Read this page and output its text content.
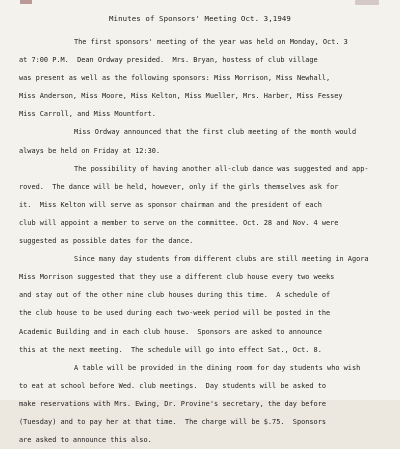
Minutes of Sponsors' Meeting Oct. 3,1949
The first sponsors' meeting of the year was held on Monday, Oct. 3
at 7:00 P.M.  Dean Ordway presided.  Mrs. Bryan, hostess of club village
was present as well as the following sponsors: Miss Morrison, Miss Newhall,
Miss Anderson, Miss Moore, Miss Kelton, Miss Mueller, Mrs. Harber, Miss Fessey
Miss Carroll, and Miss Mountfort.
Miss Ordway announced that the first club meeting of the month would
always be held on Friday at 12:30.
The possibility of having another all-club dance was suggested and app-
roved.  The dance will be held, however, only if the girls themselves ask for
it.  Miss Kelton will serve as sponsor chairman and the president of each
club will appoint a member to serve on the committee. Oct. 28 and Nov. 4 were
suggested as possible dates for the dance.
Since many day students from different clubs are still meeting in Agora
Miss Morrison suggested that they use a different club house every two weeks
and stay out of the other nine club houses during this time.  A schedule of
the club house to be used during each two-week period will be posted in the
Academic Building and in each club house.  Sponsors are asked to announce
this at the next meeting.  The schedule will go into effect Sat., Oct. 8.
A table will be provided in the dining room for day students who wish
to eat at school before Wed. club meetings.  Day students will be asked to
make reservations with Mrs. Ewing, Dr. Provine's secretary, the day before
(Tuesday) and to pay her at that time.  The charge will be $.75.  Sponsors
are asked to announce this also.
